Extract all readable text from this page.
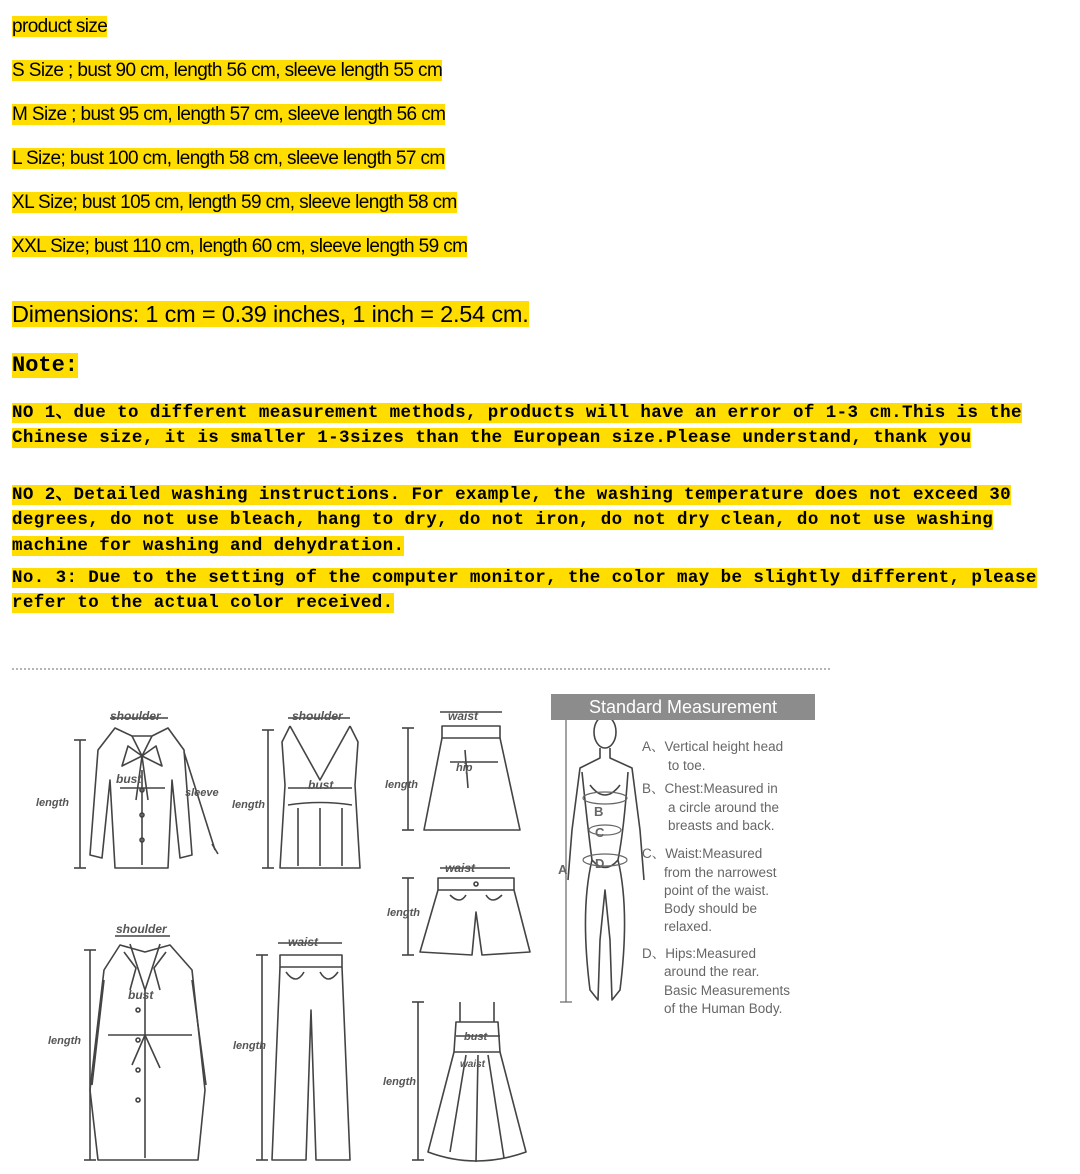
product size
S Size ; bust 90 cm, length 56 cm, sleeve length 55 cm
M Size ; bust 95 cm, length 57 cm, sleeve length 56 cm
L Size; bust 100 cm, length 58 cm, sleeve length 57 cm
XL Size; bust 105 cm, length 59 cm, sleeve length 58 cm
XXL Size; bust 110 cm, length 60 cm, sleeve length 59 cm
Dimensions: 1 cm = 0.39 inches, 1 inch = 2.54 cm.
Note:
NO 1、due to different measurement methods, products will have an error of 1-3 cm.This is the Chinese size, it is smaller 1-3sizes than the European size.Please understand, thank you
NO 2、Detailed washing instructions. For example, the washing temperature does not exceed 30 degrees, do not use bleach, hang to dry, do not iron, do not dry clean, do not use washing machine for washing and dehydration.
No. 3: Due to the setting of the computer monitor, the color may be slightly different, please refer to the actual color received.
shoulder
bust
sleeve
length
shoulder
bust
length
waist
hip
length
waist
length
shoulder
bust
length
waist
length
bust
waist
length
Standard Measurement
A
B
C
D
A、Vertical height head
to toe.
B、Chest:Measured in
a circle around the
breasts and back.
C、Waist:Measured
from the narrowest
point of the waist.
Body should be
relaxed.
D、Hips:Measured
around the rear.
Basic Measurements
of the Human Body.
